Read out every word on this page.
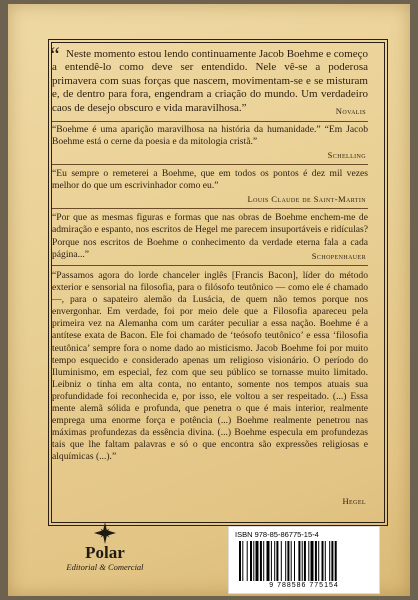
“ Neste momento estou lendo continuamente Jacob Boehme e começo a entendê-lo como deve ser entendido. Nele vê-se a poderosa primavera com suas forças que nascem, movimentam-se e se misturam e, de dentro para fora, engendram a criação do mundo. Um verdadeiro caos de desejo obscuro e vida maravilhosa.”	Novalis

“Boehme é uma aparição maravilhosa na história da humanidade.” “Em Jacob Boehme está o cerne da poesia e da mitologia cristã.”

Schelling

“Eu sempre o remeterei a Boehme, que em todos os pontos é dez mil vezes melhor do que um escrivinhador como eu.”

Louis Claude de Saint-Martin

“Por que as mesmas figuras e formas que nas obras de Boehme enchem-me de admiração e espanto, nos escritos de Hegel me parecem insuportáveis e ridículas? Porque nos escritos de Boehme o conhecimento da verdade eterna fala a cada página...”	Schopenhauer

“Passamos agora do lorde chanceler inglês [Francis Bacon], líder do método exterior e sensorial na filosofia, para o filósofo teutônico — como ele é chamado —, para o sapateiro alemão da Lusácia, de quem não temos porque nos envergonhar. Em verdade, foi por meio dele que a Filosofia apareceu pela primeira vez na Alemanha com um caráter peculiar a essa nação. Boehme é a antítese exata de Bacon. Ele foi chamado de ‘teósofo teutônico’ e essa ‘filosofia teutônica’ sempre fora o nome dado ao misticismo. Jacob Boehme foi por muito tempo esquecido e considerado apenas um religioso visionário. O período do Iluminismo, em especial, fez com que seu público se tornasse muito limitado. Leibniz o tinha em alta conta, no entanto, somente nos tempos atuais sua profundidade foi reconhecida e, por isso, ele voltou a ser respeitado. (...) Essa mente alemã sólida e profunda, que penetra o que é mais interior, realmente emprega uma enorme força e potência (...) Boehme realmente penetrou nas máximas profundezas da essência divina. (...) Boehme especula em profundezas tais que lhe faltam palavras e só o que encontra são expressões religiosas e alquímicas (...).”

Hegel
Polar
Editorial & Comercial
ISBN 978-85-86775-15-4
9 788586 775154
